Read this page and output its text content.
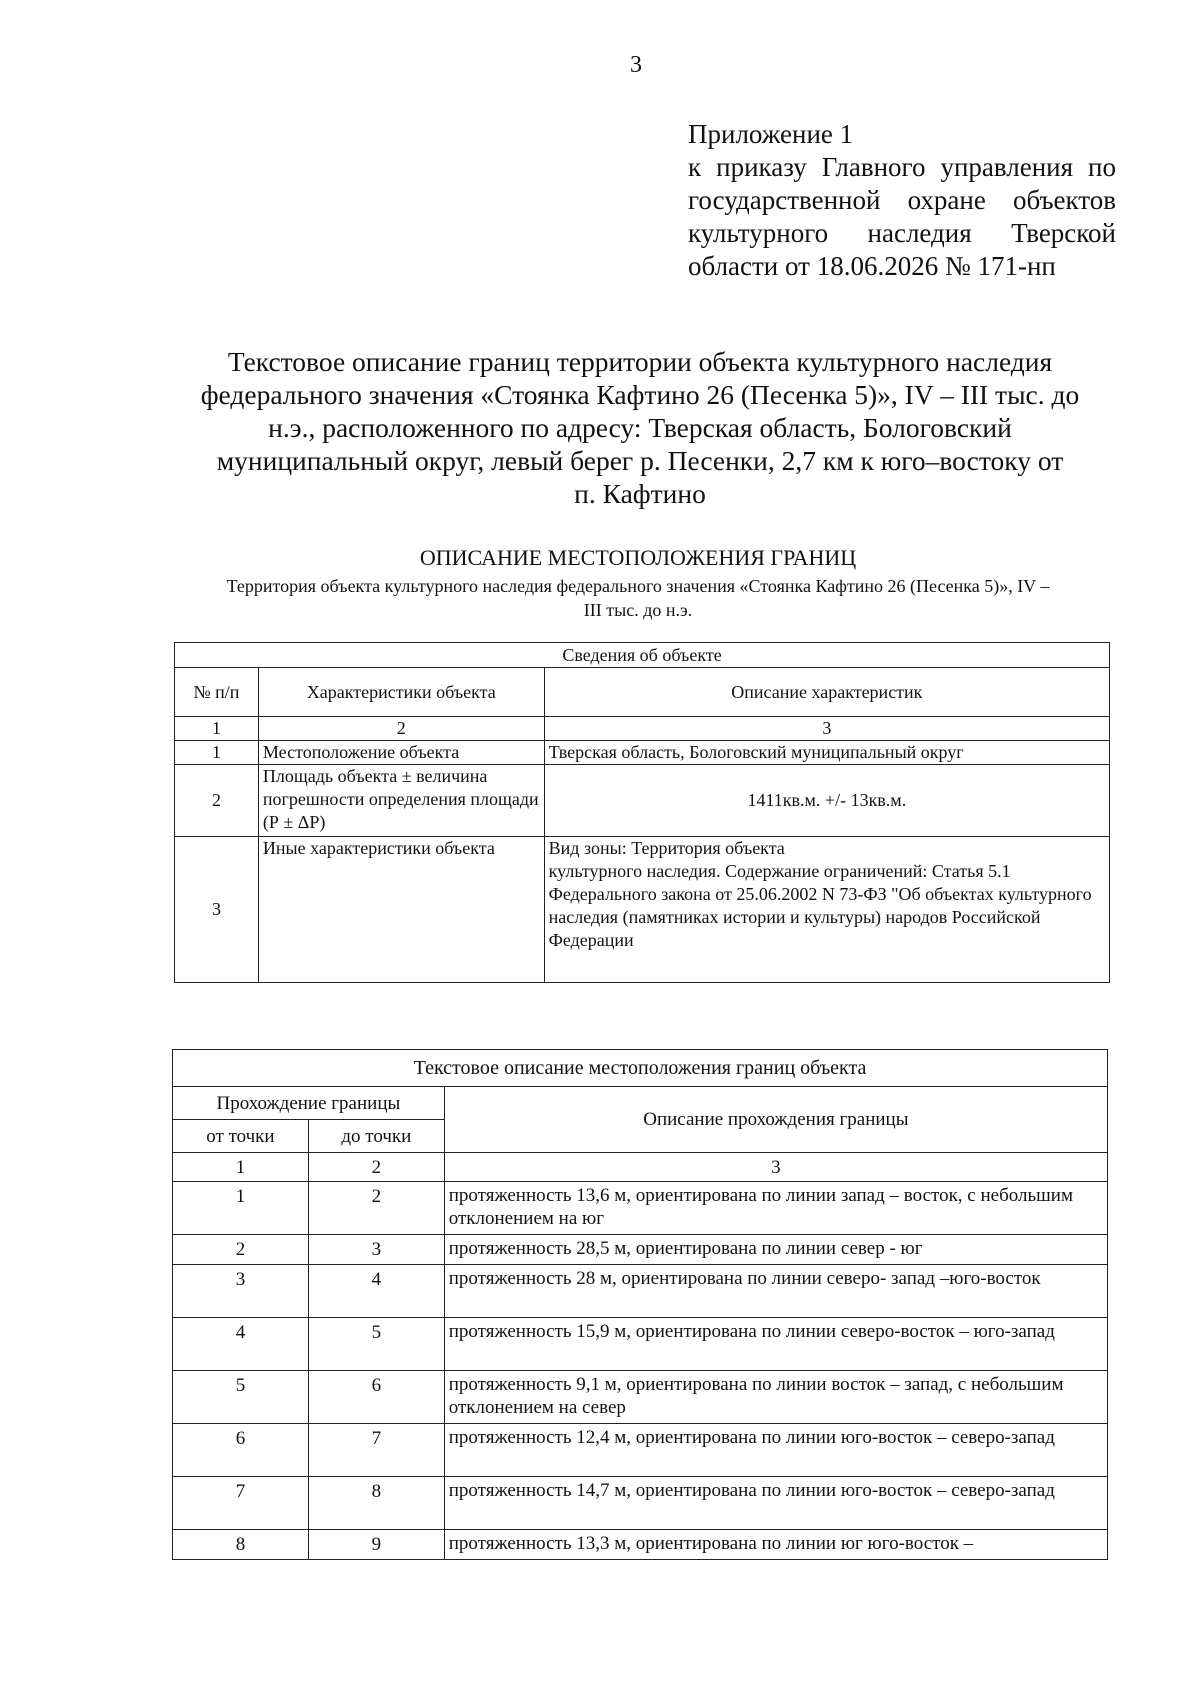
3
Приложение 1
к приказу Главного управления по
государственной охране объектов
культурного наследия Тверской
области от 18.06.2026 № 171-нп
Текстовое описание границ территории объекта культурного наследия
федерального значения «Стоянка Кафтино 26 (Песенка 5)», IV – III тыс. до
н.э., расположенного по адресу: Тверская область, Бологовский
муниципальный округ, левый берег р. Песенки, 2,7 км к юго–востоку от
п. Кафтино
ОПИСАНИЕ МЕСТОПОЛОЖЕНИЯ ГРАНИЦ
Территория объекта культурного наследия федерального значения «Стоянка Кафтино 26 (Песенка 5)», IV –
III тыс. до н.э.
Сведения об объекте		
№ п/п	Характеристики объекта	Описание характеристик
1	2	3
1	Местоположение объекта	Тверская область, Бологовский муниципальный округ
2	Площадь объекта ± величина погрешности определения площади (Р ± ΔР)	1411кв.м. +/- 13кв.м.
3	Иные характеристики объекта	Вид зоны: Территория объекта
культурного наследия. Содержание ограничений: Статья 5.1 Федерального закона от 25.06.2002 N 73-ФЗ "Об объектах культурного наследия (памятниках истории и культуры) народов Российской Федерации
Текстовое описание местоположения границ объекта		
Прохождение границы		Описание прохождения границы
от точки	до точки	
1	2	3
1	2	протяженность 13,6 м, ориентирована по линии запад – восток, с небольшим отклонением на юг
2	3	протяженность 28,5 м, ориентирована по линии север - юг
3	4	протяженность 28 м, ориентирована по линии северо- запад –юго-восток
4	5	протяженность 15,9 м, ориентирована по линии северо-восток – юго-запад
5	6	протяженность 9,1 м, ориентирована по линии восток – запад, с небольшим отклонением на север
6	7	протяженность 12,4 м, ориентирована по линии юго-восток – северо-запад
7	8	протяженность 14,7 м, ориентирована по линии юго-восток – северо-запад
8	9	протяженность 13,3 м, ориентирована по линии юг юго-восток –
